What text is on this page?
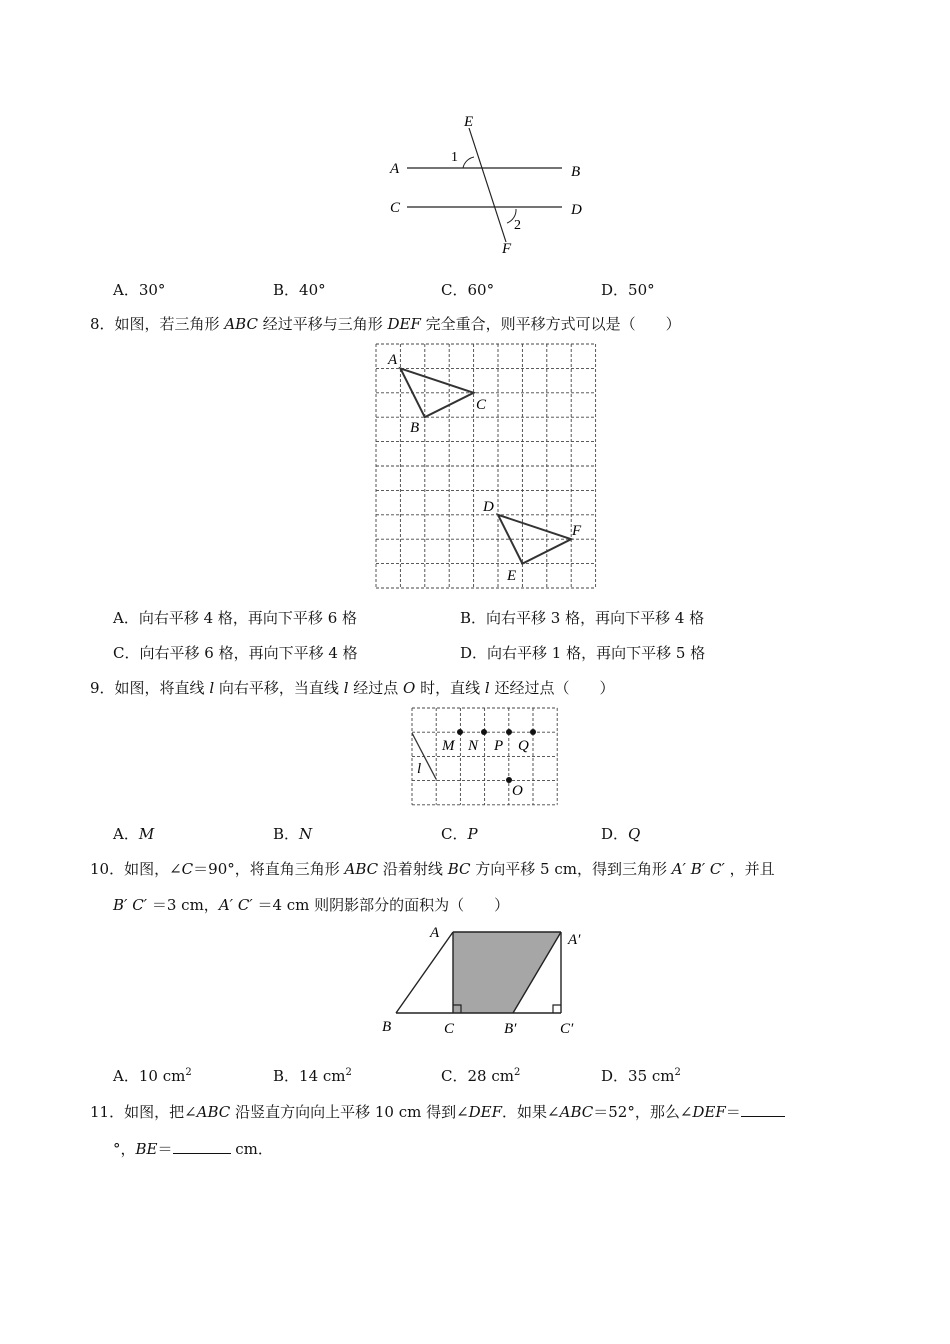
E
F
A	B
C	D
1
2
A．30°	B．40°	C．60°	D．50°
8．如图，若三角形 ABC 经过平移与三角形 DEF 完全重合，则平移方式可以是（　　）
A
B
C
D
E
F
A．向右平移 4 格，再向下平移 6 格	B．向右平移 3 格，再向下平移 4 格
C．向右平移 6 格，再向下平移 4 格	D．向右平移 1 格，再向下平移 5 格
9．如图，将直线 l 向右平移，当直线 l 经过点 O 时，直线 l 还经过点（　　）
M N P Q
l
O
A．M	B．N	C．P	D．Q
10．如图，∠C＝90°，将直角三角形 ABC 沿着射线 BC 方向平移 5 cm，得到三角形 A′ B′ C′ ，并且
B′ C′ ＝3 cm，A′ C′ ＝4 cm 则阴影部分的面积为（　　）
A	A′
B	C	B′	C′
A．10 $cm^2$	B．14 $cm^2$	C．28 $cm^2$	D．35 $cm^2$
11．如图，把∠ABC 沿竖直方向向上平移 10 cm 得到∠DEF．如果∠ABC＝52°，那么∠DEF＝
°，BE＝	cm．
